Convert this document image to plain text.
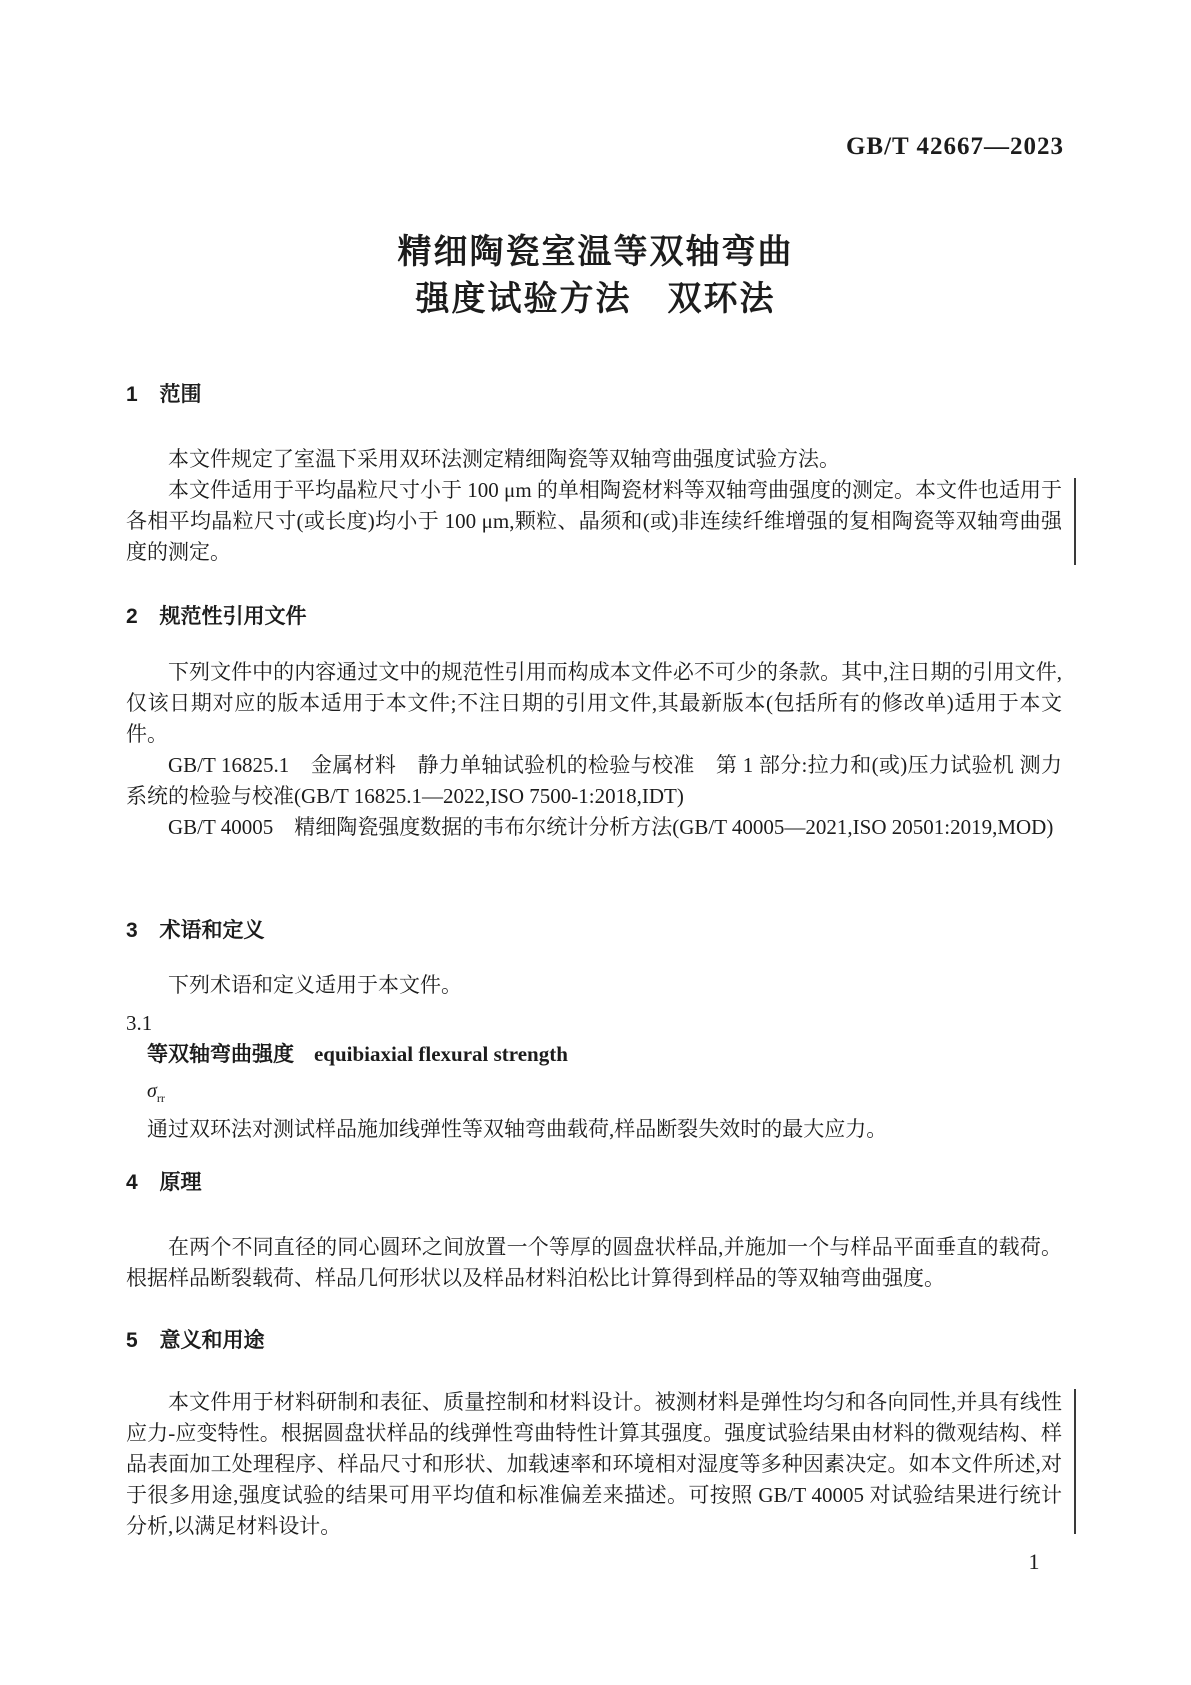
GB/T 42667—2023
精细陶瓷室温等双轴弯曲
强度试验方法　双环法
1 范围

本文件规定了室温下采用双环法测定精细陶瓷等双轴弯曲强度试验方法。

本文件适用于平均晶粒尺寸小于 100 μm 的单相陶瓷材料等双轴弯曲强度的测定。本文件也适用于各相平均晶粒尺寸(或长度)均小于 100 μm,颗粒、晶须和(或)非连续纤维增强的复相陶瓷等双轴弯曲强度的测定。

2 规范性引用文件

下列文件中的内容通过文中的规范性引用而构成本文件必不可少的条款。其中,注日期的引用文件,仅该日期对应的版本适用于本文件;不注日期的引用文件,其最新版本(包括所有的修改单)适用于本文件。

GB/T 16825.1　金属材料　静力单轴试验机的检验与校准　第 1 部分:拉力和(或)压力试验机 测力系统的检验与校准(GB/T 16825.1—2022,ISO 7500-1:2018,IDT)

GB/T 40005　精细陶瓷强度数据的韦布尔统计分析方法(GB/T 40005—2021,ISO 20501:2019,MOD)

3 术语和定义

下列术语和定义适用于本文件。

3.1

等双轴弯曲强度 equibiaxial flexural strength

$\sigma_{rr}$

通过双环法对测试样品施加线弹性等双轴弯曲载荷,样品断裂失效时的最大应力。

4 原理

在两个不同直径的同心圆环之间放置一个等厚的圆盘状样品,并施加一个与样品平面垂直的载荷。根据样品断裂载荷、样品几何形状以及样品材料泊松比计算得到样品的等双轴弯曲强度。

5 意义和用途

本文件用于材料研制和表征、质量控制和材料设计。被测材料是弹性均匀和各向同性,并具有线性应力-应变特性。根据圆盘状样品的线弹性弯曲特性计算其强度。强度试验结果由材料的微观结构、样品表面加工处理程序、样品尺寸和形状、加载速率和环境相对湿度等多种因素决定。如本文件所述,对于很多用途,强度试验的结果可用平均值和标准偏差来描述。可按照 GB/T 40005 对试验结果进行统计分析,以满足材料设计。

1
